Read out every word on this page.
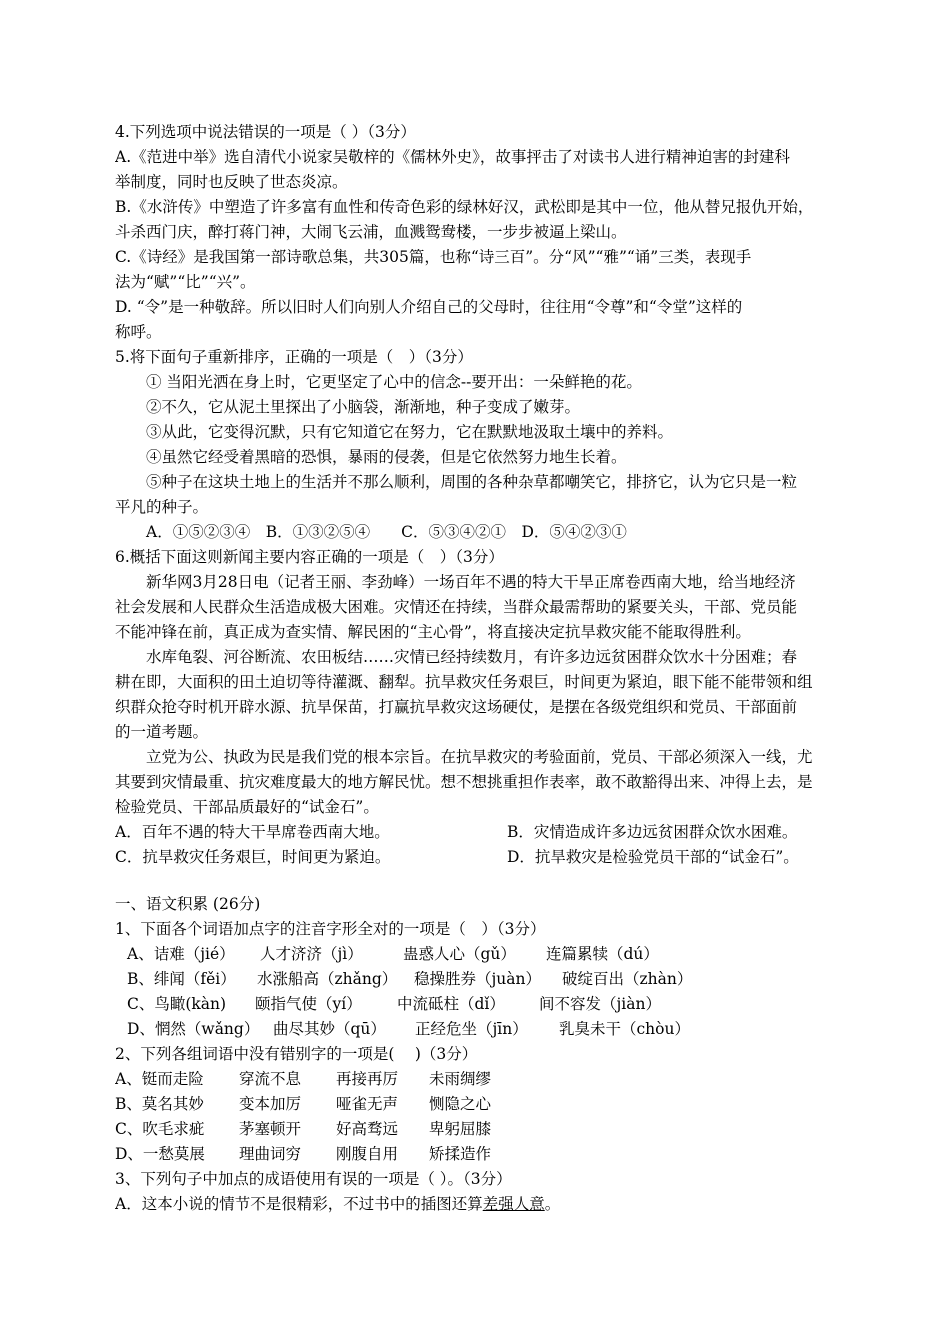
4.下列选项中说法错误的一项是（ ）（3分）
A.《范进中举》选自清代小说家吴敬梓的《儒林外史》，故事抨击了对读书人进行精神迫害的封建科
举制度，同时也反映了世态炎凉。
B.《水浒传》中塑造了许多富有血性和传奇色彩的绿林好汉，武松即是其中一位，他从替兄报仇开始，
斗杀西门庆，醉打蒋门神，大闹飞云浦，血溅鸳鸯楼，一步步被逼上梁山。
C.《诗经》是我国第一部诗歌总集，共305篇，也称“诗三百”。分“风”“雅”“诵”三类，表现手
法为“赋”“比”“兴”。
D. “令”是一种敬辞。所以旧时人们向别人介绍自己的父母时，往往用“令尊”和“令堂”这样的
称呼。
5.将下面句子重新排序，正确的一项是（　）（3分）
① 当阳光洒在身上时，它更坚定了心中的信念--要开出：一朵鲜艳的花。
②不久，它从泥土里探出了小脑袋，渐渐地，种子变成了嫩芽。
③从此，它变得沉默，只有它知道它在努力，它在默默地汲取土壤中的养料。
④虽然它经受着黑暗的恐惧，暴雨的侵袭，但是它依然努力地生长着。
⑤种子在这块土地上的生活并不那么顺利，周围的各种杂草都嘲笑它，排挤它，认为它只是一粒
平凡的种子。
A．①⑤②③④　B．①③②⑤④　　C．⑤③④②①　D．⑤④②③①
6.概括下面这则新闻主要内容正确的一项是（　）（3分）
新华网3月28日电（记者王丽、李劲峰）一场百年不遇的特大干旱正席卷西南大地，给当地经济
社会发展和人民群众生活造成极大困难。灾情还在持续，当群众最需帮助的紧要关头，干部、党员能
不能冲锋在前，真正成为查实情、解民困的“主心骨”，将直接决定抗旱救灾能不能取得胜利。
水库龟裂、河谷断流、农田板结……灾情已经持续数月，有许多边远贫困群众饮水十分困难；春
耕在即，大面积的田土迫切等待灌溉、翻犁。抗旱救灾任务艰巨，时间更为紧迫，眼下能不能带领和组
织群众抢夺时机开辟水源、抗旱保苗，打赢抗旱救灾这场硬仗，是摆在各级党组织和党员、干部面前
的一道考题。
立党为公、执政为民是我们党的根本宗旨。在抗旱救灾的考验面前，党员、干部必须深入一线，尤
其要到灾情最重、抗灾难度最大的地方解民忧。想不想挑重担作表率，敢不敢豁得出来、冲得上去，是
检验党员、干部品质最好的“试金石”。
A．百年不遇的特大干旱席卷西南大地。	B．灾情造成许多边远贫困群众饮水困难。
C．抗旱救灾任务艰巨，时间更为紧迫。	D．抗旱救灾是检验党员干部的“试金石”。
一、语文积累 (26分)
1、下面各个词语加点字的注音字形全对的一项是（　）（3分）
A、诘难（jié） 人才济济（jì）	蛊惑人心（gǔ） 连篇累犊（dú）
B、绯闻（fěi） 水涨船高（zhǎng） 稳操胜券（juàn） 破绽百出（zhàn）
C、鸟瞰(kàn) 颐指气使（yí） 中流砥柱（dǐ） 间不容发（jiàn）
D、惘然（wǎng） 曲尽其妙（qū） 正经危坐（jīn） 乳臭未干（chòu）
2、下列各组词语中没有错别字的一项是(　 )（3分）
A、铤而走险 穿流不息 再接再厉 未雨绸缪
B、莫名其妙 变本加厉 哑雀无声 恻隐之心
C、吹毛求疵 茅塞顿开 好高骛远 卑躬屈膝
D、一愁莫展 理曲词穷 刚腹自用 矫揉造作
3、下列句子中加点的成语使用有误的一项是（ ）。（3分）
A．这本小说的情节不是很精彩，不过书中的插图还算差强人意。
